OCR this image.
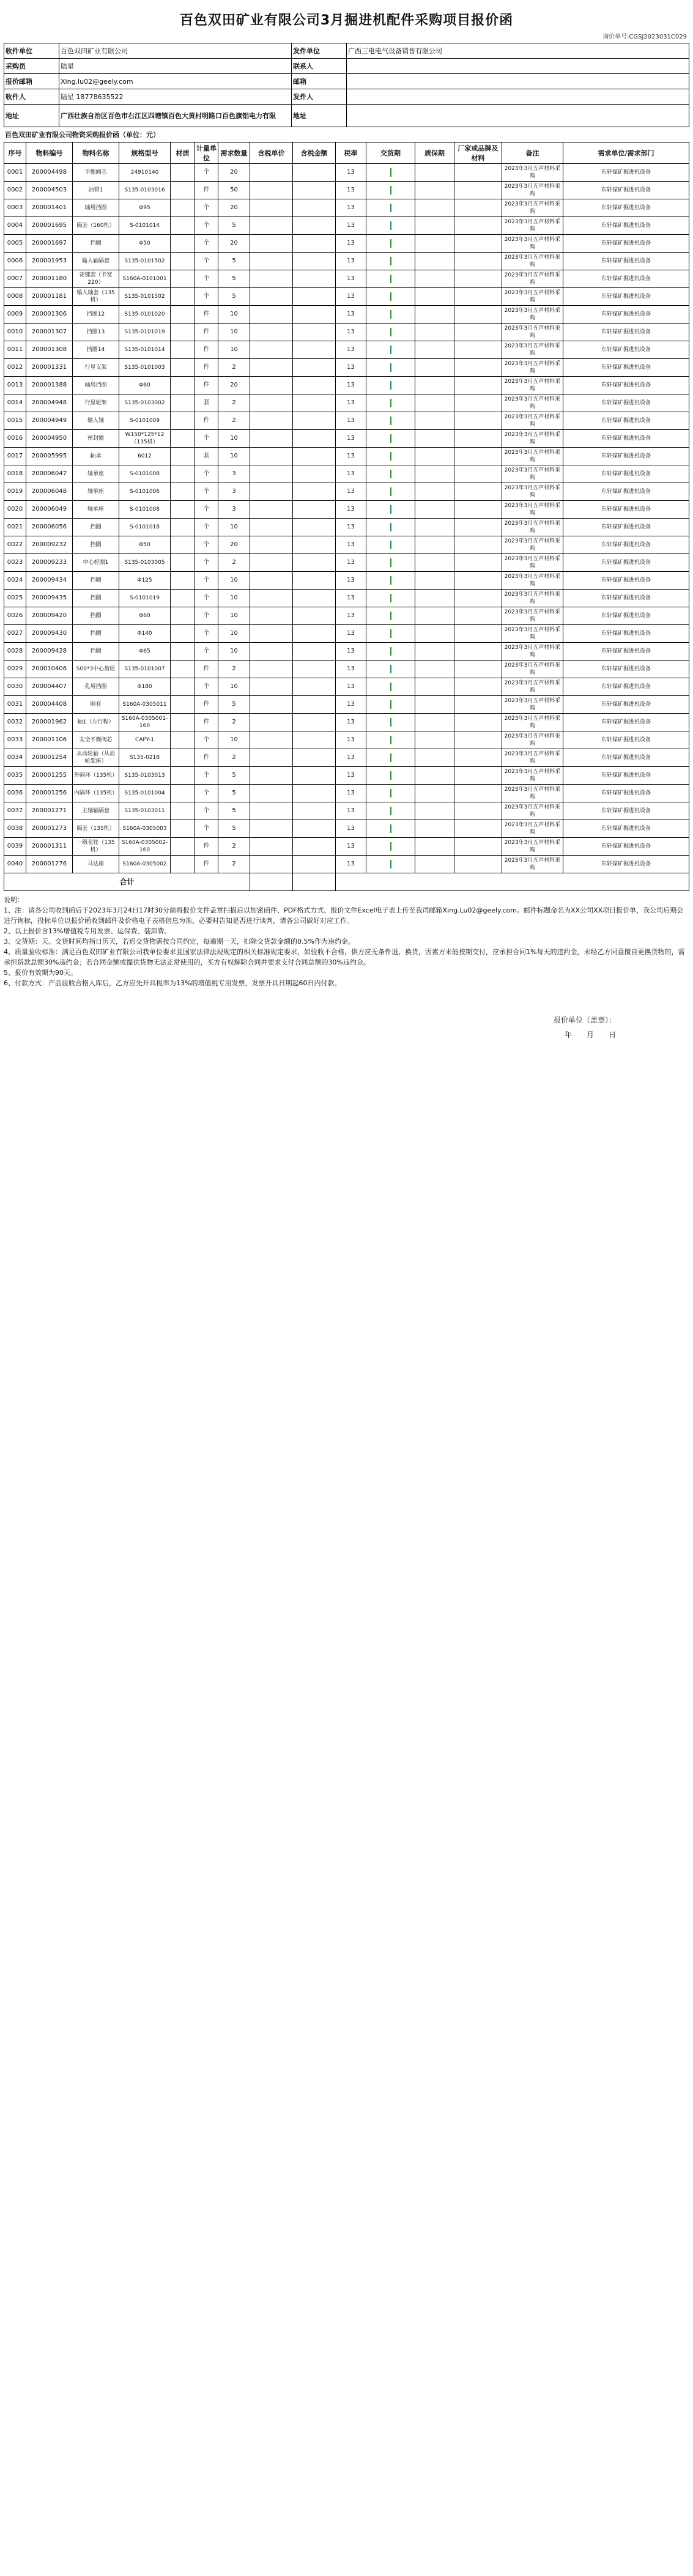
百色双田矿业有限公司3月掘进机配件采购项目报价函
询价单号:CGSJ2023031C029
收件单位	百色双田矿业有限公司	发件单位	广西三电电气设备销售有限公司
采购员	陆星	联系人	
报价邮箱	Xing.lu02@geely.com	邮箱	
收件人	陆星 18778635522	发件人	
地址	广西壮族自治区百色市右江区四塘镇百色大黄村明路口百色旗铝电力有限	地址	
百色双田矿业有限公司物资采购报价函（单位：元）
序号	物料编号	物料名称	规格型号	材质	计量单位	需求数量	含税单价	含税金额	税率	交货期	质保期	厂家或品牌及材料	备注	需求单位/需求部门
0001	200004498	平衡阀芯	24910140		个	20			13				2023年3月五声材料采购	东轩煤矿掘进机设备
0002	200004503	油管1	S135-0103016		件	50			13				2023年3月五声材料采购	东轩煤矿掘进机设备
0003	200001401	轴用挡圈	Φ95		个	20			13				2023年3月五声材料采购	东轩煤矿掘进机设备
0004	200001695	隔套（160机）	S-0101014		个	5			13				2023年3月五声材料采购	东轩煤矿掘进机设备
0005	200001697	挡圈	Φ50		个	20			13				2023年3月五声材料采购	东轩煤矿掘进机设备
0006	200001953	输入轴隔套	S135-0101502		个	5			13				2023年3月五声材料采购	东轩煤矿掘进机设备
0007	200001180	花键套（卡宽220）	S160A-0101001		个	5			13				2023年3月五声材料采购	东轩煤矿掘进机设备
0008	200001181	输入轴套（135机）	S135-0101502		个	5			13				2023年3月五声材料采购	东轩煤矿掘进机设备
0009	200001306	挡圈12	S135-0101020		件	10			13				2023年3月五声材料采购	东轩煤矿掘进机设备
0010	200001307	挡圈13	S135-0101019		件	10			13				2023年3月五声材料采购	东轩煤矿掘进机设备
0011	200001308	挡圈14	S135-0101014		件	10			13				2023年3月五声材料采购	东轩煤矿掘进机设备
0012	200001331	行星支架	S135-0101003		件	2			13				2023年3月五声材料采购	东轩煤矿掘进机设备
0013	200001388	轴用挡圈	Φ60		件	20			13				2023年3月五声材料采购	东轩煤矿掘进机设备
0014	200004948	行星轮架	S135-0103002		套	2			13				2023年3月五声材料采购	东轩煤矿掘进机设备
0015	200004949	输入轴	S-0101009		件	2			13				2023年3月五声材料采购	东轩煤矿掘进机设备
0016	200004950	密封圈	W150*125*12（135机）		个	10			13				2023年3月五声材料采购	东轩煤矿掘进机设备
0017	200005995	轴承	6012		套	10			13				2023年3月五声材料采购	东轩煤矿掘进机设备
0018	200006047	轴承座	S-0101008		个	3			13				2023年3月五声材料采购	东轩煤矿掘进机设备
0019	200006048	轴承座	S-0101006		个	3			13				2023年3月五声材料采购	东轩煤矿掘进机设备
0020	200006049	轴承座	S-0101008		个	3			13				2023年3月五声材料采购	东轩煤矿掘进机设备
0021	200006056	挡圈	S-0101018		个	10			13				2023年3月五声材料采购	东轩煤矿掘进机设备
0022	200009232	挡圈	Φ50		个	20			13				2023年3月五声材料采购	东轩煤矿掘进机设备
0023	200009233	中心轮圈1	S135-0103005		个	2			13				2023年3月五声材料采购	东轩煤矿掘进机设备
0024	200009434	挡圈	Φ125		个	10			13				2023年3月五声材料采购	东轩煤矿掘进机设备
0025	200009435	挡圈	S-0101019		个	10			13				2023年3月五声材料采购	东轩煤矿掘进机设备
0026	200009420	挡圈	Φ60		个	10			13				2023年3月五声材料采购	东轩煤矿掘进机设备
0027	200009430	挡圈	Φ140		个	10			13				2023年3月五声材料采购	东轩煤矿掘进机设备
0028	200009428	挡圈	Φ65		个	10			13				2023年3月五声材料采购	东轩煤矿掘进机设备
0029	200010406	S00*3中心齿轮	S135-0101007		件	2			13				2023年3月五声材料采购	东轩煤矿掘进机设备
0030	200004407	孔用挡圈	Φ180		个	10			13				2023年3月五声材料采购	东轩煤矿掘进机设备
0031	200004408	隔套	S160A-0305011		件	5			13				2023年3月五声材料采购	东轩煤矿掘进机设备
0032	200001962	轴1（左行程）	S160A-0305001-160		件	2			13				2023年3月五声材料采购	东轩煤矿掘进机设备
0033	200001106	安全平衡阀芯	CAPY-1		个	10			13				2023年3月五声材料采购	东轩煤矿掘进机设备
0034	200001254	从动轮轴（从动轮架座）	S135-0218		件	2			13				2023年3月五声材料采购	东轩煤矿掘进机设备
0035	200001255	外隔环（135机）	S135-0103013		个	5			13				2023年3月五声材料采购	东轩煤矿掘进机设备
0036	200001256	内隔环（135机）	S135-0101004		个	5			13				2023年3月五声材料采购	东轩煤矿掘进机设备
0037	200001271	主轴轴隔套	S135-0103011		个	5			13				2023年3月五声材料采购	东轩煤矿掘进机设备
0038	200001273	隔套（135机）	S160A-0305003		个	5			13				2023年3月五声材料采购	东轩煤矿掘进机设备
0039	200001311	一级星轮（135机）	S160A-0305002-160		件	2			13				2023年3月五声材料采购	东轩煤矿掘进机设备
0040	200001276	马达座	S160A-0305002		件	2			13				2023年3月五声材料采购	东轩煤矿掘进机设备
合计														
说明：
1、注：请各公司收到函后于2023年3月24日17时30分前将报价文件盖章扫描后以加密函件、PDF格式方式、报价文件Excel电子表上传至我司邮箱Xing.Lu02@geely.com。邮件标题命名为XX公司XX项目报价单，我公司后期会进行询标，投标单位以报价函收到邮件及价格电子表格信息为准，必要时告知是否进行谈判，请各公司做好对应工作。
2、以上报价含13%增值税专用发票、运保费、装卸费。
3、交货期：天。交货时间均指日历天，若迟交货物需按合同约定，每逾期一天，扣除交货款金额的0.5%作为违约金。
4、质量验收标准：满足百色双田矿业有限公司我单位要求且国家法律法规规定的相关标准规定要求，如验收不合格，供方应无条件退、换货，因素方未能按期交付，应承担合同1%每天的违约金，未经乙方同意擅自更换货物的，需承担货款总额30%违约金；若合同金额或提供货物无法正常使用的，买方有权解除合同并要求支付合同总额的30%违约金。
5、报价有效期为90天。
6、付款方式：产品验收合格入库后，乙方应先开具税率为13%的增值税专用发票，发票开具日期起60日内付款。
报价单位（盖章）：
年　　月　　日
